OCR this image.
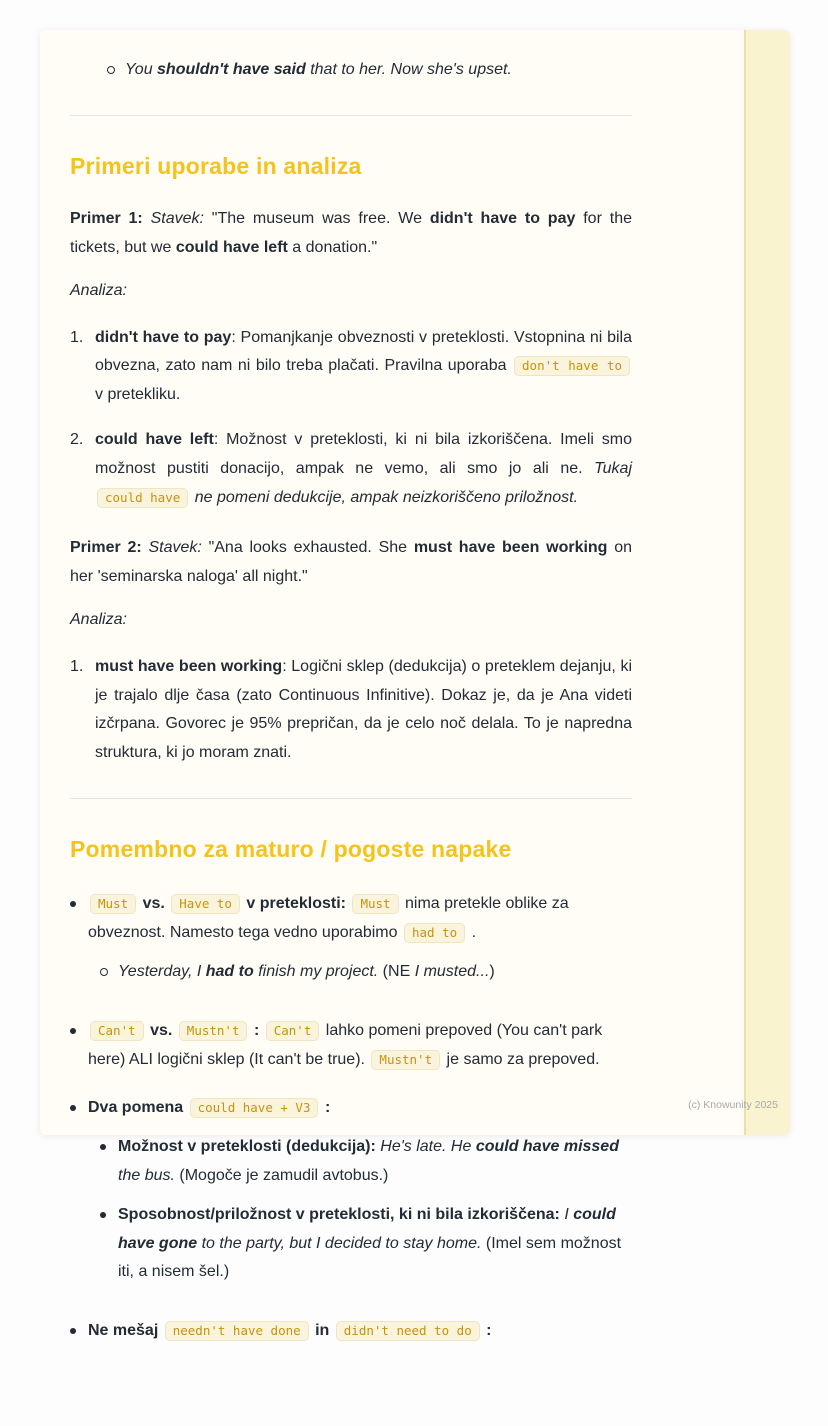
You shouldn't have said that to her. Now she's upset.
Primeri uporabe in analiza

Primer 1: Stavek: "The museum was free. We didn't have to pay for the tickets, but we could have left a donation."

Analiza:

1. didn't have to pay: Pomanjkanje obveznosti v preteklosti. Vstopnina ni bila obvezna, zato nam ni bilo treba plačati. Pravilna uporaba don't have to v pretekliku.
2. could have left: Možnost v preteklosti, ki ni bila izkoriščena. Imeli smo možnost pustiti donacijo, ampak ne vemo, ali smo jo ali ne. Tukaj could have ne pomeni dedukcije, ampak neizkoriščeno priložnost.

Primer 2: Stavek: "Ana looks exhausted. She must have been working on her 'seminarska naloga' all night."

Analiza:

1. must have been working: Logični sklep (dedukcija) o preteklem dejanju, ki je trajalo dlje časa (zato Continuous Infinitive). Dokaz je, da je Ana videti izčrpana. Govorec je 95% prepričan, da je celo noč delala. To je napredna struktura, ki jo moram znati.
Pomembno za maturo / pogoste napake
Must vs. Have to v preteklosti: Must nima pretekle oblike za obveznost. Namesto tega vedno uporabimo had to .
Yesterday, I had to finish my project. (NE I musted...)
Can't vs. Mustn't : Can't lahko pomeni prepoved (You can't park here) ALI logični sklep (It can't be true). Mustn't je samo za prepoved.
Dva pomena could have + V3 :
Možnost v preteklosti (dedukcija): He's late. He could have missed the bus. (Mogoče je zamudil avtobus.)
Sposobnost/priložnost v preteklosti, ki ni bila izkoriščena: I could have gone to the party, but I decided to stay home. (Imel sem možnost iti, a nisem šel.)
Ne mešaj needn't have done in didn't need to do :
(c) Knowunity 2025
